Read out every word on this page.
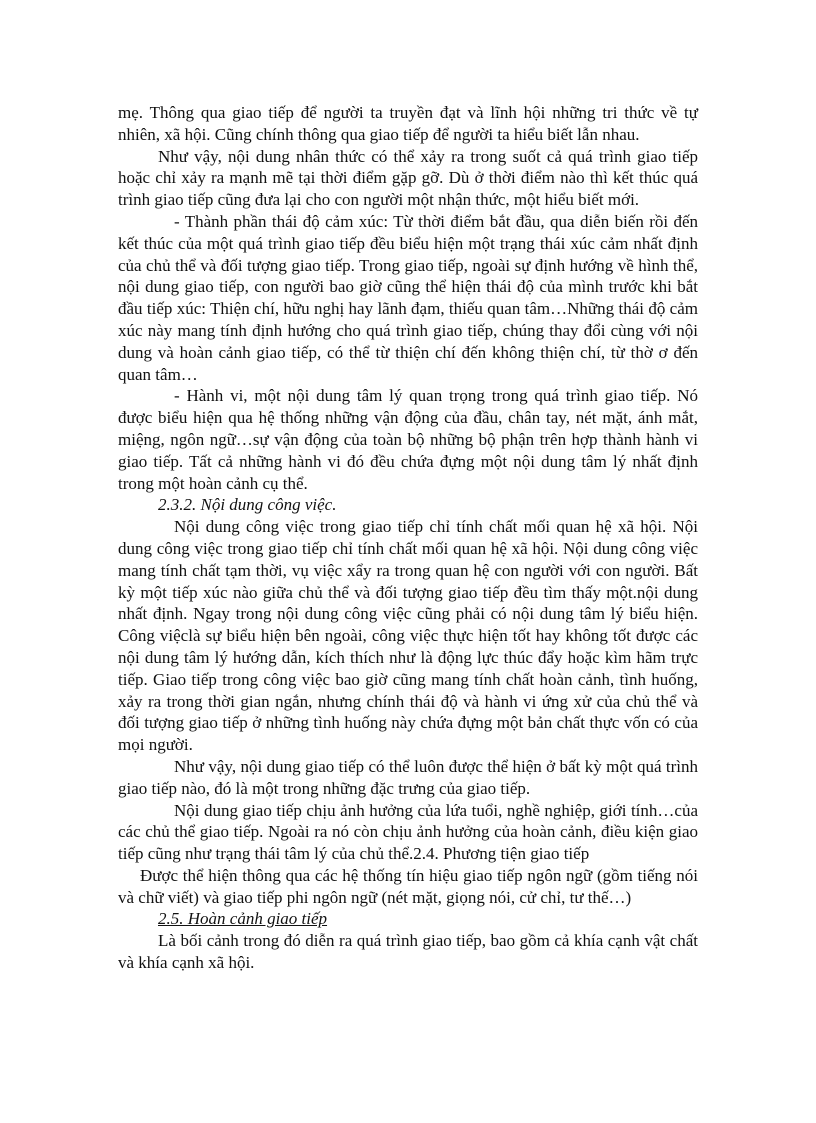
mẹ. Thông qua giao tiếp để người ta truyền đạt và lĩnh hội những tri thức về tự nhiên, xã hội. Cũng chính thông qua giao tiếp để người ta hiểu biết lẫn nhau.

Như vậy, nội dung nhân thức có thể xảy ra trong suốt cả quá trình giao tiếp hoặc chỉ xảy ra mạnh mẽ tại thời điểm gặp gỡ. Dù ở thời điểm nào thì kết thúc quá trình giao tiếp cũng đưa lại cho con người một nhận thức, một hiểu biết mới.

- Thành phần thái độ cảm xúc: Từ thời điểm bắt đầu, qua diễn biến rồi đến kết thúc của một quá trình giao tiếp đều biểu hiện một trạng thái xúc cảm nhất định của chủ thể và đối tượng giao tiếp. Trong giao tiếp, ngoài sự định hướng về hình thể, nội dung giao tiếp, con người bao giờ cũng thể hiện thái độ của mình trước khi bắt đầu tiếp xúc: Thiện chí, hữu nghị hay lãnh đạm, thiếu quan tâm…Những thái độ cảm xúc này mang tính định hướng cho quá trình giao tiếp, chúng thay đổi cùng với nội dung và hoàn cảnh giao tiếp, có thể từ thiện chí đến không thiện chí, từ thờ ơ đến quan tâm…

- Hành vi, một nội dung tâm lý quan trọng trong quá trình giao tiếp. Nó được biểu hiện qua hệ thống những vận động của đầu, chân tay, nét mặt, ánh mắt, miệng, ngôn ngữ…sự vận động của toàn bộ những bộ phận trên hợp thành hành vi giao tiếp. Tất cả những hành vi đó đều chứa đựng một nội dung tâm lý nhất định trong một hoàn cảnh cụ thể.

2.3.2. Nội dung công việc.

Nội dung công việc trong giao tiếp chỉ tính chất mối quan hệ xã hội. Nội dung công việc trong giao tiếp chỉ tính chất mối quan hệ xã hội. Nội dung công việc mang tính chất tạm thời, vụ việc xẩy ra trong quan hệ con người với con người. Bất kỳ một tiếp xúc nào giữa chủ thể và đối tượng giao tiếp đều tìm thấy một.nội dung nhất định. Ngay trong nội dung công việc cũng phải có nội dung tâm lý biểu hiện. Công việclà sự biểu hiện bên ngoài, công việc thực hiện tốt hay không tốt được các nội dung tâm lý hướng dẫn, kích thích như là động lực thúc đẩy hoặc kìm hãm trực tiếp. Giao tiếp trong công việc bao giờ cũng mang tính chất hoàn cảnh, tình huống, xảy ra trong thời gian ngắn, nhưng chính thái độ và hành vi ứng xử của chủ thể và đối tượng giao tiếp ở những tình huống này chứa đựng một bản chất thực vốn có của mọi người.

Như vậy, nội dung giao tiếp có thể luôn được thể hiện ở bất kỳ một quá trình giao tiếp nào, đó là một trong những đặc trưng của giao tiếp.

Nội dung giao tiếp chịu ảnh hưởng của lứa tuổi, nghề nghiệp, giới tính…của các chủ thể giao tiếp. Ngoài ra nó còn chịu ảnh hưởng của hoàn cảnh, điều kiện giao tiếp cũng như trạng thái tâm lý của chủ thể.2.4. Phương tiện giao tiếp

Được thể hiện thông qua các hệ thống tín hiệu giao tiếp ngôn ngữ (gồm tiếng nói và chữ viết) và giao tiếp phi ngôn ngữ (nét mặt, giọng nói, cử chỉ, tư thế…)

2.5. Hoàn cảnh giao tiếp

Là bối cảnh trong đó diễn ra quá trình giao tiếp, bao gồm cả khía cạnh vật chất và khía cạnh xã hội.
